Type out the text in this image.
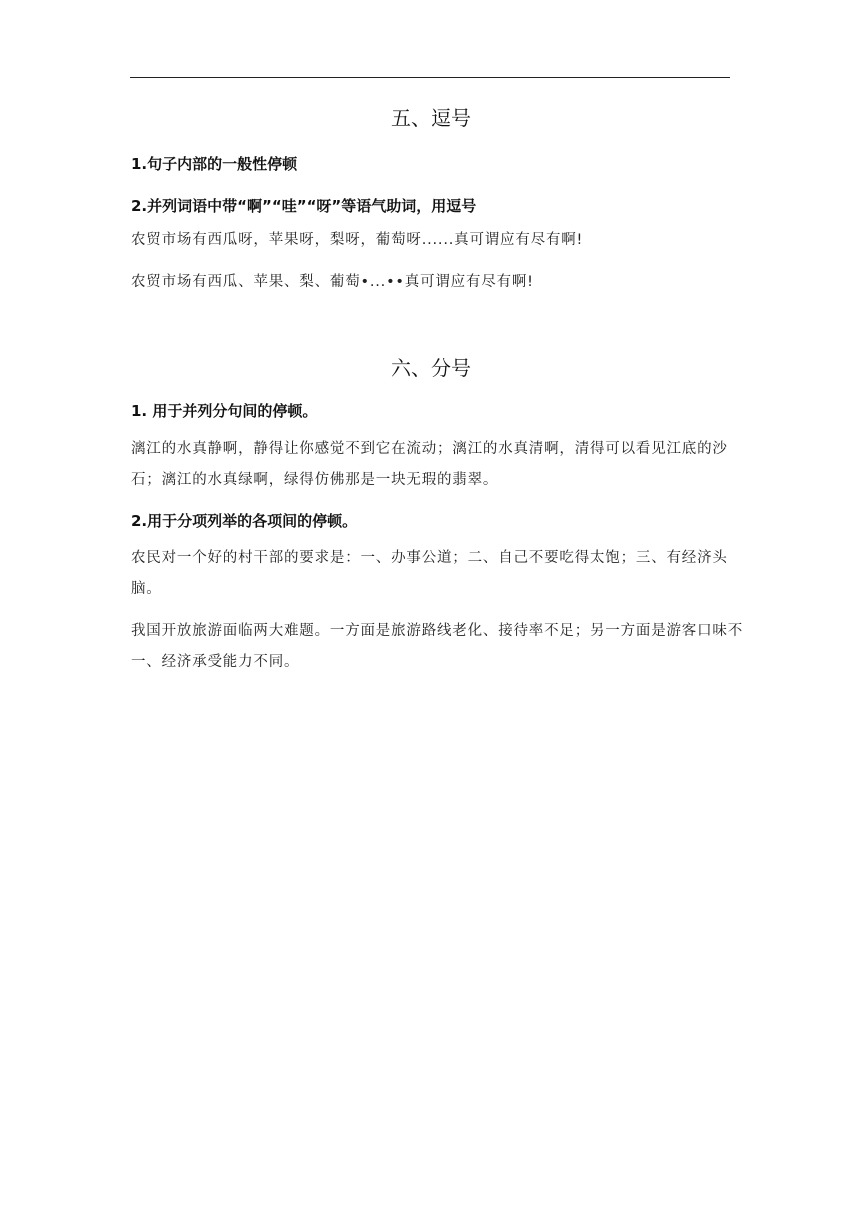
五、逗号

1.句子内部的一般性停顿

2.并列词语中带“啊”“哇”“呀”等语气助词，用逗号

农贸市场有西瓜呀，苹果呀，梨呀，葡萄呀......真可谓应有尽有啊!

农贸市场有西瓜、苹果、梨、葡萄•...••真可谓应有尽有啊!

六、分号

1. 用于并列分句间的停顿。

漓江的水真静啊，静得让你感觉不到它在流动；漓江的水真清啊，清得可以看见江底的沙石；漓江的水真绿啊，绿得仿佛那是一块无瑕的翡翠。

2.用于分项列举的各项间的停顿。

农民对一个好的村干部的要求是：一、办事公道；二、自己不要吃得太饱；三、有经济头脑。

我国开放旅游面临两大难题。一方面是旅游路线老化、接待率不足；另一方面是游客口味不一、经济承受能力不同。
